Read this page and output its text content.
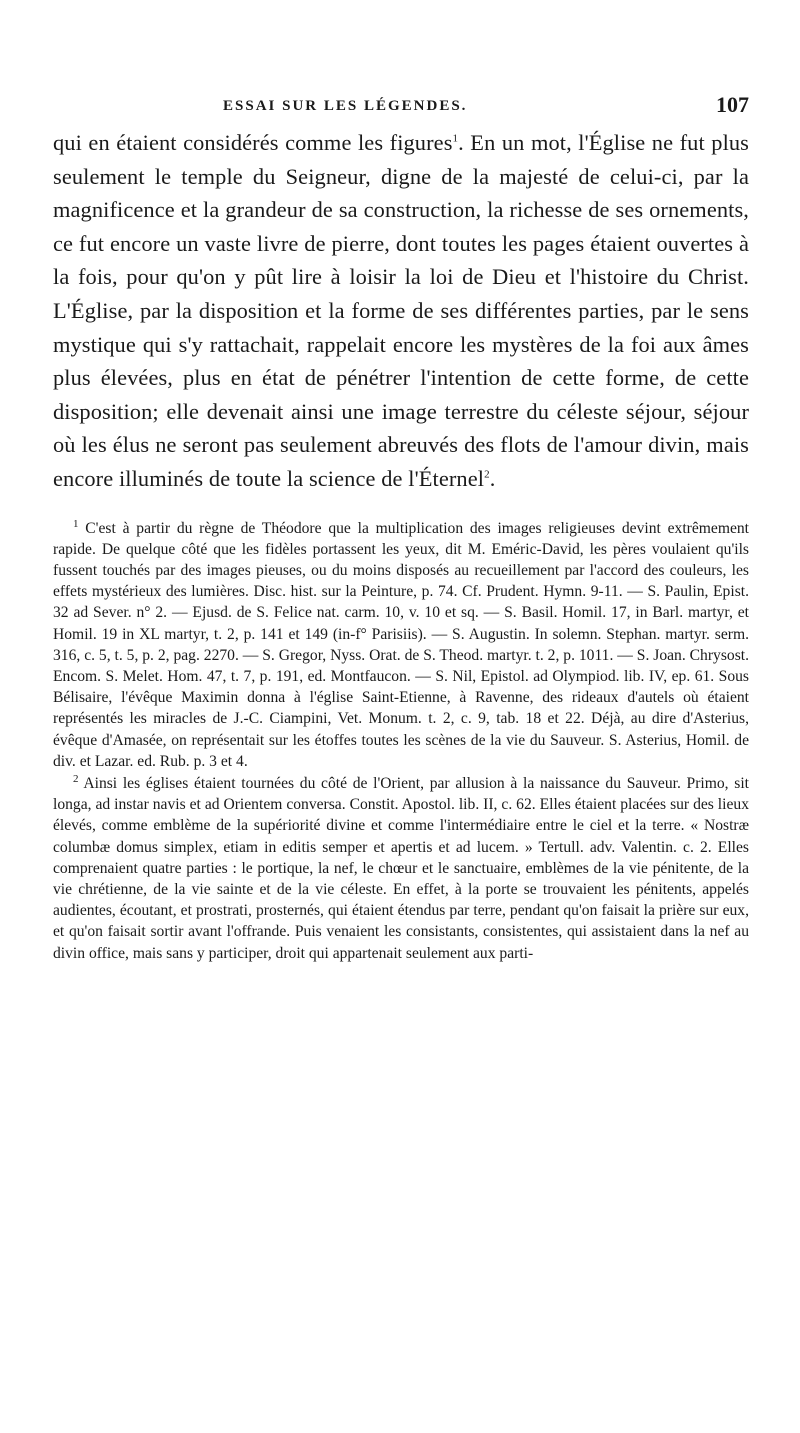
ESSAI SUR LES LÉGENDES.	107

qui en étaient considérés comme les figures$^1$. En un mot, l'Église ne fut plus seulement le temple du Seigneur, digne de la majesté de celui-ci, par la magnificence et la grandeur de sa construction, la richesse de ses ornements, ce fut encore un vaste livre de pierre, dont toutes les pages étaient ouvertes à la fois, pour qu'on y pût lire à loisir la loi de Dieu et l'histoire du Christ. L'Église, par la disposition et la forme de ses différentes parties, par le sens mystique qui s'y rattachait, rappelait encore les mystères de la foi aux âmes plus élevées, plus en état de pénétrer l'intention de cette forme, de cette disposition; elle devenait ainsi une image terrestre du céleste séjour, séjour où les élus ne seront pas seulement abreuvés des flots de l'amour divin, mais encore illuminés de toute la science de l'Éternel$^2$.

$^1$ C'est à partir du règne de Théodore que la multiplication des images religieuses devint extrêmement rapide. De quelque côté que les fidèles portassent les yeux, dit M. Eméric-David, les pères voulaient qu'ils fussent touchés par des images pieuses, ou du moins disposés au recueillement par l'accord des couleurs, les effets mystérieux des lumières. Disc. hist. sur la Peinture, p. 74. Cf. Prudent. Hymn. 9-11. — S. Paulin, Epist. 32 ad Sever. n° 2. — Ejusd. de S. Felice nat. carm. 10, v. 10 et sq. — S. Basil. Homil. 17, in Barl. martyr, et Homil. 19 in XL martyr, t. 2, p. 141 et 149 (in-f° Parisiis). — S. Augustin. In solemn. Stephan. martyr. serm. 316, c. 5, t. 5, p. 2, pag. 2270. — S. Gregor, Nyss. Orat. de S. Theod. martyr. t. 2, p. 1011. — S. Joan. Chrysost. Encom. S. Melet. Hom. 47, t. 7, p. 191, ed. Montfaucon. — S. Nil, Epistol. ad Olympiod. lib. IV, ep. 61. Sous Bélisaire, l'évêque Maximin donna à l'église Saint-Etienne, à Ravenne, des rideaux d'autels où étaient représentés les miracles de J.-C. Ciampini, Vet. Monum. t. 2, c. 9, tab. 18 et 22. Déjà, au dire d'Asterius, évêque d'Amasée, on représentait sur les étoffes toutes les scènes de la vie du Sauveur. S. Asterius, Homil. de div. et Lazar. ed. Rub. p. 3 et 4.

$^2$ Ainsi les églises étaient tournées du côté de l'Orient, par allusion à la naissance du Sauveur. Primo, sit longa, ad instar navis et ad Orientem conversa. Constit. Apostol. lib. II, c. 62. Elles étaient placées sur des lieux élevés, comme emblème de la supériorité divine et comme l'intermédiaire entre le ciel et la terre. « Nostræ columbæ domus simplex, etiam in editis semper et apertis et ad lucem. » Tertull. adv. Valentin. c. 2. Elles comprenaient quatre parties : le portique, la nef, le chœur et le sanctuaire, emblèmes de la vie pénitente, de la vie chrétienne, de la vie sainte et de la vie céleste. En effet, à la porte se trouvaient les pénitents, appelés audientes, écoutant, et prostrati, prosternés, qui étaient étendus par terre, pendant qu'on faisait la prière sur eux, et qu'on faisait sortir avant l'offrande. Puis venaient les consistants, consistentes, qui assistaient dans la nef au divin office, mais sans y participer, droit qui appartenait seulement aux parti-
